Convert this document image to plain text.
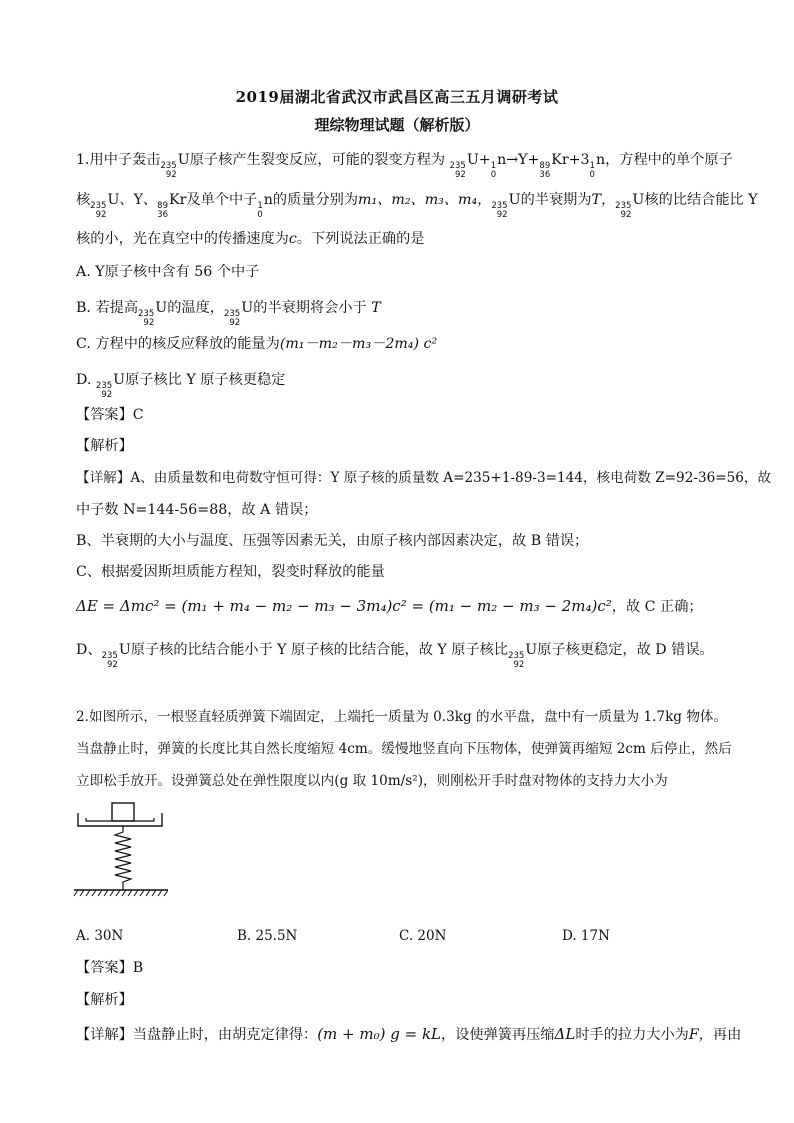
2019届湖北省武汉市武昌区高三五月调研考试
理综物理试题（解析版）
1.用中子轰击 235
92
U原子核产生裂变反应，可能的裂变方程为 235
92
U+ 1
0
n→Y+ 89
36
Kr+3 1
0
n，方程中的单个原子
核 235
92
U、Y、 89
36
Kr及单个中子 1
0
n的质量分别为m₁、m₂、m₃、m₄， 235
92
U的半衰期为T， 235
92
U核的比结合能比 Y
核的小，光在真空中的传播速度为c。下列说法正确的是
A. Y原子核中含有 56 个中子
B. 若提高 235
92
U的温度， 235
92
U的半衰期将会小于 T
C. 方程中的核反应释放的能量为(m₁－m₂－m₃－2m₄) c²
D. 235
92
U原子核比 Y 原子核更稳定
【答案】C
【解析】
【详解】A、由质量数和电荷数守恒可得：Y 原子核的质量数 A=235+1-89-3=144，核电荷数 Z=92-36=56，故
中子数 N=144-56=88，故 A 错误；
B、半衰期的大小与温度、压强等因素无关，由原子核内部因素决定，故 B 错误；
C、根据爱因斯坦质能方程知，裂变时释放的能量
ΔE = Δmc² = (m₁ + m₄ − m₂ − m₃ − 3m₄)c² = (m₁ − m₂ − m₃ − 2m₄)c²，故 C 正确；
D、 235
92
U原子核的比结合能小于 Y 原子核的比结合能，故 Y 原子核比 235
92
U原子核更稳定，故 D 错误。
2.如图所示，一根竖直轻质弹簧下端固定，上端托一质量为 0.3kg 的水平盘，盘中有一质量为 1.7kg 物体。
当盘静止时，弹簧的长度比其自然长度缩短 4cm。缓慢地竖直向下压物体，使弹簧再缩短 2cm 后停止，然后
立即松手放开。设弹簧总处在弹性限度以内(g 取 10m/s²)，则刚松开手时盘对物体的支持力大小为
A. 30N	B. 25.5N	C. 20N	D. 17N
【答案】B
【解析】
【详解】当盘静止时，由胡克定律得：(m + m₀) g = kL，设使弹簧再压缩ΔL时手的拉力大小为F，再由
